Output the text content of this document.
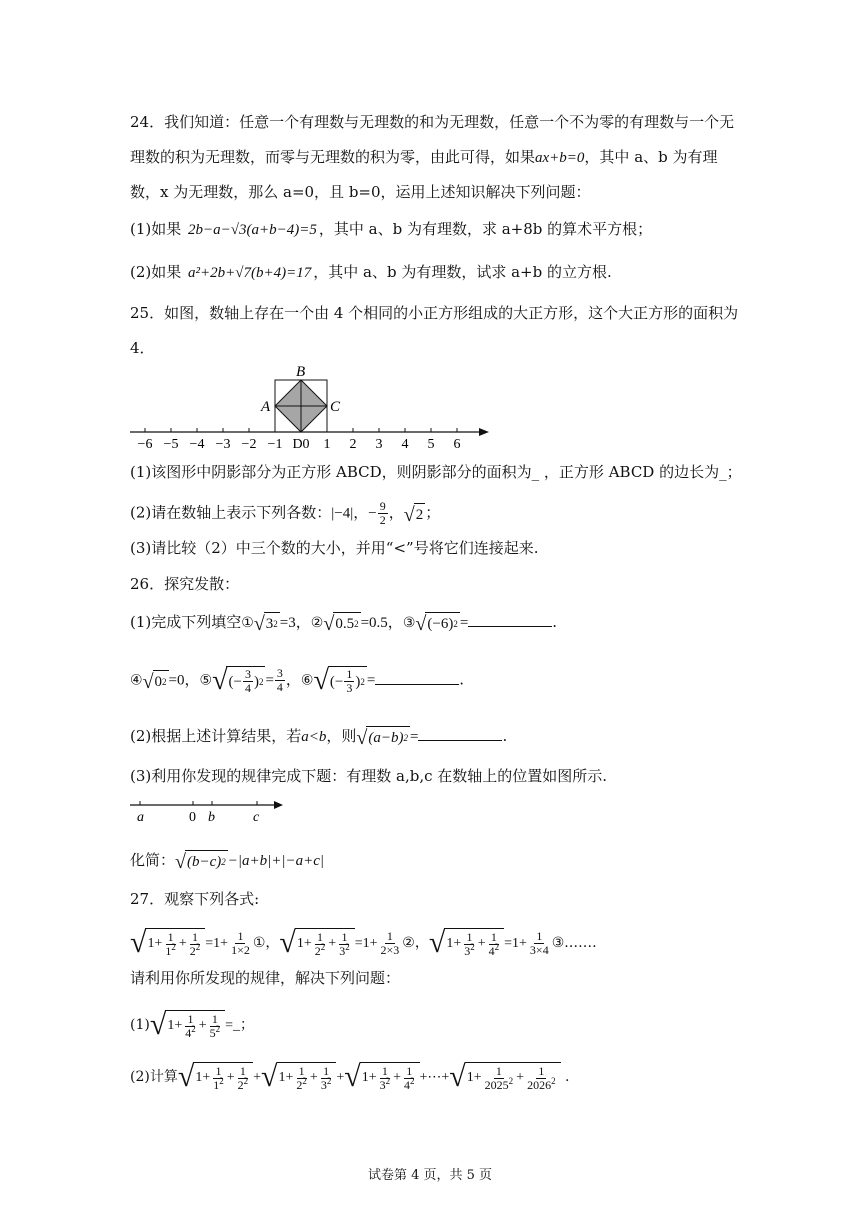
24．我们知道：任意一个有理数与无理数的和为无理数，任意一个不为零的有理数与一个无
理数的积为无理数，而零与无理数的积为零，由此可得，如果ax+b=0，其中 a、b 为有理
数，x 为无理数，那么 a=0，且 b=0，运用上述知识解决下列问题：
(1)如果 2b−a−√3(a+b−4)=5 ，其中 a、b 为有理数，求 a+8b 的算术平方根；
(2)如果 a²+2b+√7(b+4)=17 ，其中 a、b 为有理数，试求 a+b 的立方根.
25．如图，数轴上存在一个由 4 个相同的小正方形组成的大正方形，这个大正方形的面积为
4．
B
A	C
−6 −5 −4 −3 −2 −1 D0 1 2 3 4 5 6
(1)该图形中阴影部分为正方形 ABCD，则阴影部分的面积为_ ，正方形 ABCD 的边长为_；
(2)请在数轴上表示下列各数：|−4|，− $\frac{9}{2}$ ， √ 2 ；
(3)请比较（2）中三个数的大小，并用“<”号将它们连接起来.
26．探究发散：
(1)完成下列填空① √ 3 2 =3，② √ 0.5 2 =0.5，③ √ (−6) 2 =	.
④ √ 0 2 =0，⑤ √ (− $\frac{3}{4}$ ) $2 = \frac{3}{4}$ ，⑥ √ (− $\frac{1}{3}$ ) 2 =	.
(2)根据上述计算结果，若a<b，则 √ (a−b) 2 =	.
(3)利用你发现的规律完成下题：有理数 a,b,c 在数轴上的位置如图所示.
a	0 b	c
化简： √ (b−c) 2 −|a+b|+|−a+c|
27．观察下列各式:
√ $1+ \frac{1}{1^2} + \frac{1}{2^2} =1+ \frac{1}{1\times 2}$ ①， √ $1+ \frac{1}{2^2} + \frac{1}{3^2} =1+ \frac{1}{2\times 3}$ ②， √ $1+ \frac{1}{3^2} + \frac{1}{4^2} =1+ \frac{1}{3\times 4}$ ③.……
请利用你所发现的规律，解决下列问题：
(1) √ $1+ \frac{1}{4^2} + \frac{1}{5^2}$ =_；
(2)计算 √ $1+ \frac{1}{1^2} + \frac{1}{2^2}$ + √ $1+ \frac{1}{2^2} + \frac{1}{3^2}$ + √ $1+ \frac{1}{3^2} + \frac{1}{4^2}$ +⋯+ √ $1+ \frac{1}{2025^2} + \frac{1}{2026^2}$ .
试卷第 4 页，共 5 页
